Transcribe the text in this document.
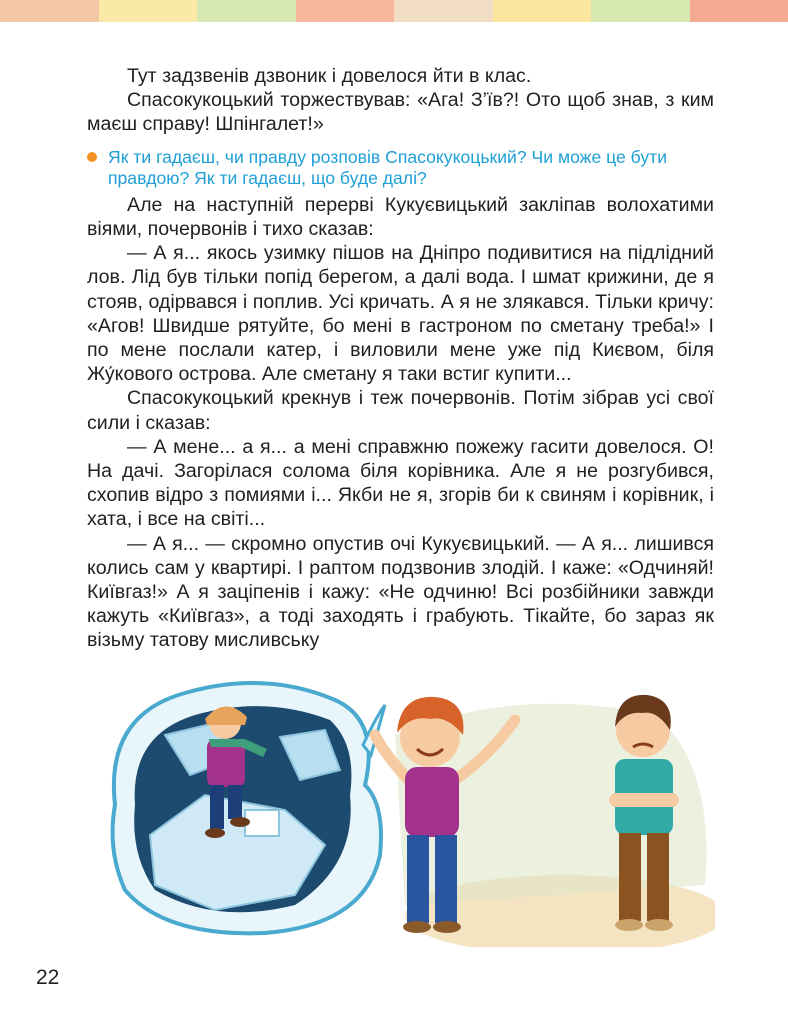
Тут задзвенів дзвоник і довелося йти в клас.

Спасокукоцький торжествував: «Ага! З’їв?! Ото щоб знав, з ким маєш справу! Шпінгалет!»

Як ти гадаєш, чи правду розповів Спасокукоцький? Чи може це бути правдою? Як ти гадаєш, що буде далі?

Але на наступній перерві Кукуєвицький закліпав волохатими віями, почервонів і тихо сказав:

— А я... якось узимку пішов на Дніпро подивитися на підлідний лов. Лід був тільки попід берегом, а далі вода. І шмат крижини, де я стояв, одірвався і поплив. Усі кричать. А я не злякався. Тільки кричу: «Агов! Швидше рятуйте, бо мені в гастроном по сметану треба!» І по мене послали катер, і виловили мене уже під Києвом, біля Жу́кового острова. Але сметану я таки встиг купити...

Спасокукоцький крекнув і теж почервонів. Потім зібрав усі свої сили і сказав:

— А мене... а я... а мені справжню пожежу гасити довелося. О! На дачі. Загорілася солома біля корівника. Але я не розгубився, схопив відро з помиями і... Якби не я, згорів би к свиням і корівник, і хата, і все на світі...

— А я... — скромно опустив очі Кукуєвицький. — А я... лишився колись сам у квартирі. І раптом подзвонив злодій. І каже: «Одчиняй! Київгаз!» А я заціпенів і кажу: «Не одчиню! Всі розбійники завжди кажуть «Київгаз», а тоді заходять і грабують. Тікайте, бо зараз як візьму татову мисливську

22
